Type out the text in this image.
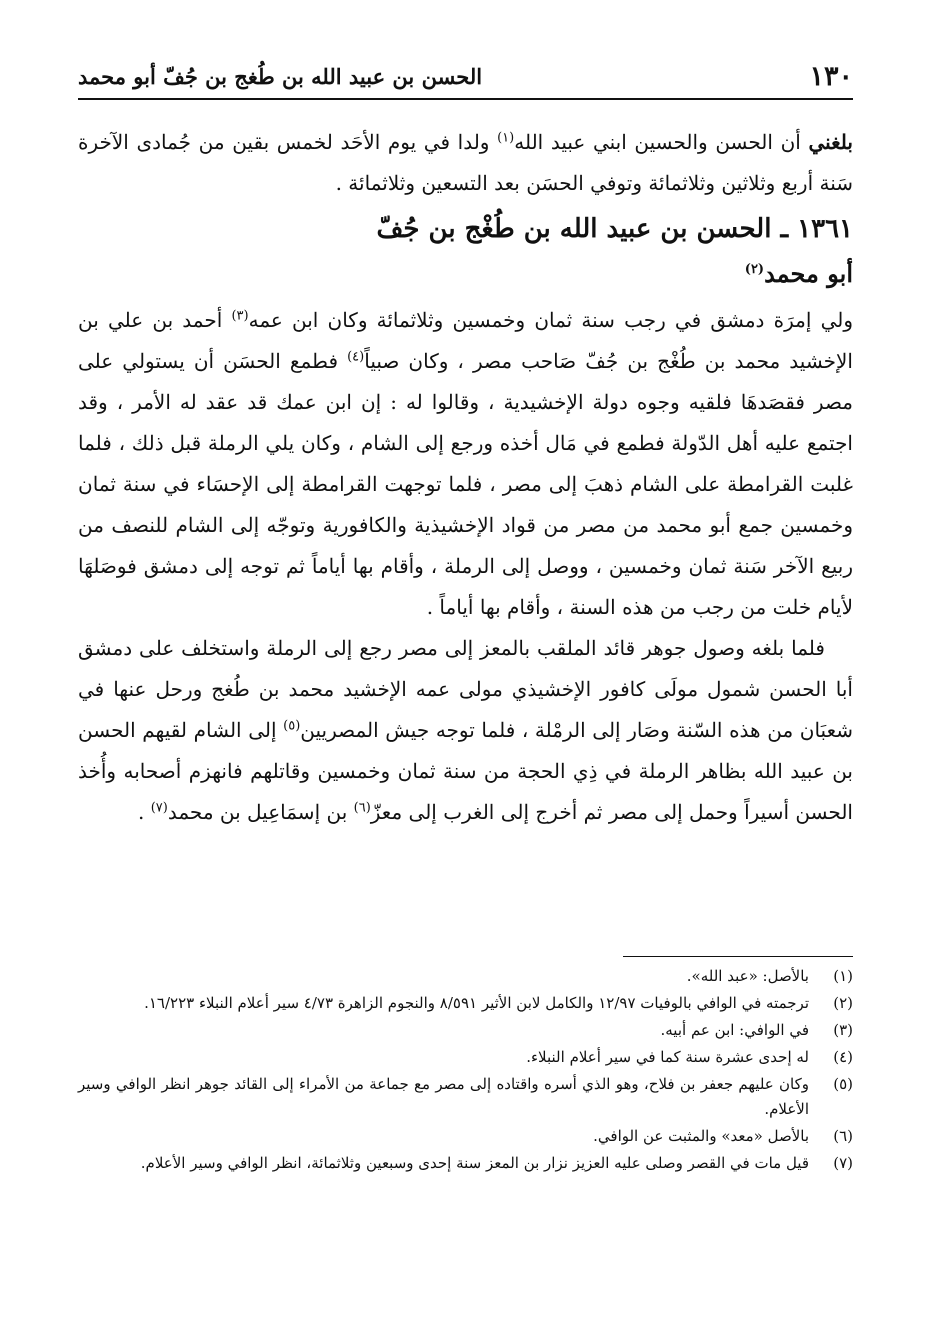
١٣٠
الحسن بن عبيد الله بن طُغج بن جُفّ أبو محمد

بلغني أن الحسن والحسين ابني عبيد الله$^{(١)}$ ولدا في يوم الأحَد لخمس بقين من جُمادى الآخرة سَنة أربع وثلاثين وثلاثمائة وتوفي الحسَن بعد التسعين وثلاثمائة .

١٣٦١ ـ الحسن بن عبيد الله بن طُغْج بن جُفّ
أبو محمد$^{(٢)}$

ولي إمرَة دمشق في رجب سنة ثمان وخمسين وثلاثمائة وكان ابن عمه$^{(٣)}$ أحمد بن علي بن الإخشيد محمد بن طُغْج بن جُفّ صَاحب مصر ، وكان صبياً$^{(٤)}$ فطمع الحسَن أن يستولي على مصر فقصَدهَا فلقيه وجوه دولة الإخشيدية ، وقالوا له : إن ابن عمك قد عقد له الأمر ، وقد اجتمع عليه أهل الدّولة فطمع في مَال أخذه ورجع إلى الشام ، وكان يلي الرملة قبل ذلك ، فلما غلبت القرامطة على الشام ذهبَ إلى مصر ، فلما توجهت القرامطة إلى الإحسَاء في سنة ثمان وخمسين جمع أبو محمد من مصر من قواد الإخشيذية والكافورية وتوجّه إلى الشام للنصف من ربيع الآخر سَنة ثمان وخمسين ، ووصل إلى الرملة ، وأقام بها أياماً ثم توجه إلى دمشق فوصَلهَا لأيام خلت من رجب من هذه السنة ، وأقام بها أياماً .

فلما بلغه وصول جوهر قائد الملقب بالمعز إلى مصر رجع إلى الرملة واستخلف على دمشق أبا الحسن شمول مولَى كافور الإخشيذي مولى عمه الإخشيد محمد بن طُغج ورحل عنها في شعبَان من هذه السّنة وصَار إلى الرمْلة ، فلما توجه جيش المصريين$^{(٥)}$ إلى الشام لقيهم الحسن بن عبيد الله بظاهر الرملة في ذِي الحجة من سنة ثمان وخمسين وقاتلهم فانهزم أصحابه وأُخذ الحسن أسيراً وحمل إلى مصر ثم أخرج إلى الغرب إلى معزّ$^{(٦)}$ بن إسمَاعِيل بن محمد$^{(٧)}$ .

(١)
بالأصل: «عبد الله».
(٢)
ترجمته في الوافي بالوفيات ١٢/٩٧ والكامل لابن الأثير ٨/٥٩١ والنجوم الزاهرة ٤/٧٣ سير أعلام النبلاء ١٦/٢٢٣.
(٣)
في الوافي: ابن عم أبيه.
(٤)
له إحدى عشرة سنة كما في سير أعلام النبلاء.
(٥)
وكان عليهم جعفر بن فلاح، وهو الذي أسره واقتاده إلى مصر مع جماعة من الأمراء إلى القائد جوهر انظر الوافي وسير الأعلام.
(٦)
بالأصل «معد» والمثبت عن الوافي.
(٧)
قيل مات في القصر وصلى عليه العزيز نزار بن المعز سنة إحدى وسبعين وثلاثمائة، انظر الوافي وسير الأعلام.
